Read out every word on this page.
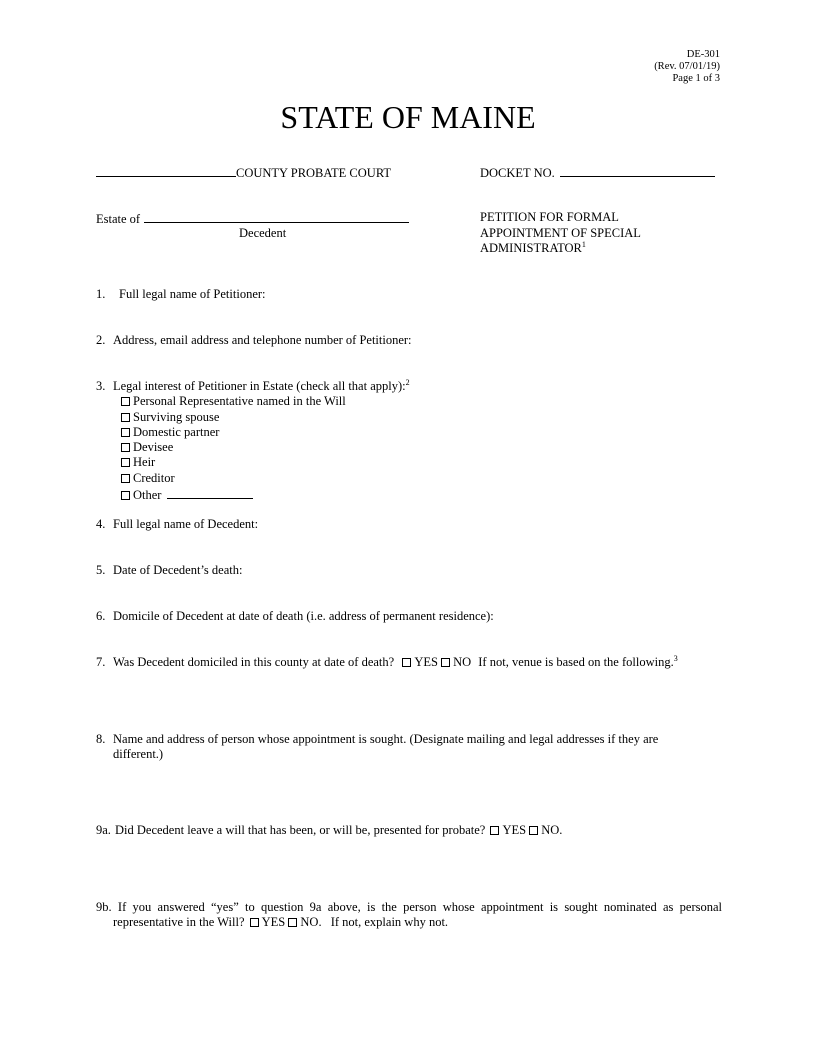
DE-301
(Rev. 07/01/19)
Page 1 of 3
STATE OF MAINE
COUNTY PROBATE COURT	DOCKET NO.
Estate of
Decedent
PETITION FOR FORMAL
APPOINTMENT OF SPECIAL
ADMINISTRATOR$^1$
1. Full legal name of Petitioner:
2. Address, email address and telephone number of Petitioner:
3. Legal interest of Petitioner in Estate (check all that apply):$^2$
Personal Representative named in the Will
Surviving spouse
Domestic partner
Devisee
Heir
Creditor
Other
4. Full legal name of Decedent:
5. Date of Decedent’s death:
6. Domicile of Decedent at date of death (i.e. address of permanent residence):
7. Was Decedent domiciled in this county at date of death? YES NO If not, venue is based on the following.$^3$
8. Name and address of person whose appointment is sought. (Designate mailing and legal addresses if they are
different.)
9a. Did Decedent leave a will that has been, or will be, presented for probate? YES NO.
9b. If you answered “yes” to question 9a above, is the person whose appointment is sought nominated as personal
representative in the Will? YES NO. If not, explain why not.
